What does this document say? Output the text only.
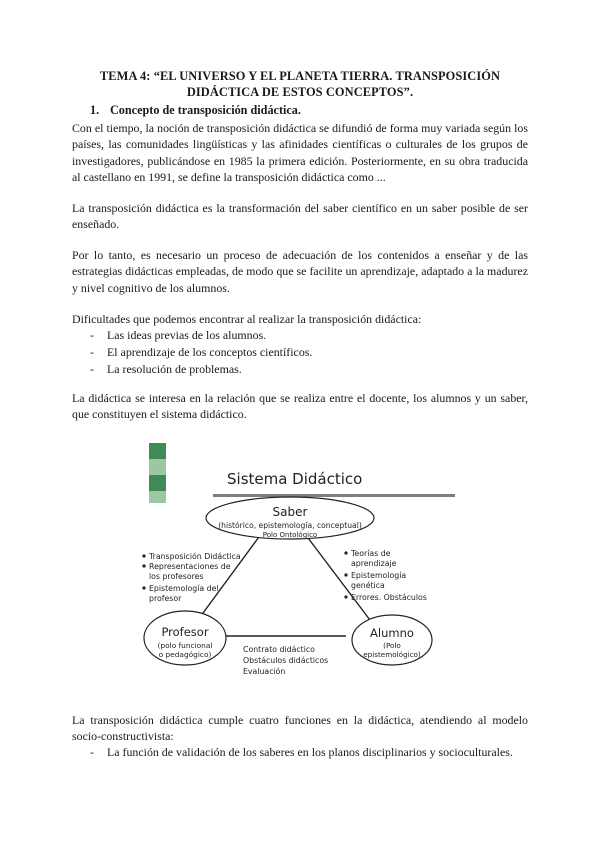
TEMA 4: “EL UNIVERSO Y EL PLANETA TIERRA. TRANSPOSICIÓN
DIDÁCTICA DE ESTOS CONCEPTOS”.
1. Concepto de transposición didáctica.

Con el tiempo, la noción de transposición didáctica se difundió de forma muy variada según los países, las comunidades lingüísticas y las afinidades científicas o culturales de los grupos de investigadores, publicándose en 1985 la primera edición. Posteriormente, en su obra traducida al castellano en 1991, se define la transposición didáctica como ...

La transposición didáctica es la transformación del saber científico en un saber posible de ser enseñado.

Por lo tanto, es necesario un proceso de adecuación de los contenidos a enseñar y de las estrategias didácticas empleadas, de modo que se facilite un aprendizaje, adaptado a la madurez y nivel cognitivo de los alumnos.

Dificultades que podemos encontrar al realizar la transposición didáctica:

- Las ideas previas de los alumnos.
- El aprendizaje de los conceptos científicos.
- La resolución de problemas.

La didáctica se interesa en la relación que se realiza entre el docente, los alumnos y un saber, que constituyen el sistema didáctico.

Sistema Didáctico
Saber
(histórico, epistemología, conceptual)
Polo Ontológico
Profesor
(polo funcional
o pedagógico)
Alumno
(Polo
epistemológico)
Transposición Didáctica
Representaciones de
los profesores
Epistemología del
profesor
Teorías de
aprendizaje
Epistemología
genética
Errores. Obstáculos
Contrato didáctico
Obstáculos didácticos
Evaluación

La transposición didáctica cumple cuatro funciones en la didáctica, atendiendo al modelo socio-constructivista:

- La función de validación de los saberes en los planos disciplinarios y socioculturales.
